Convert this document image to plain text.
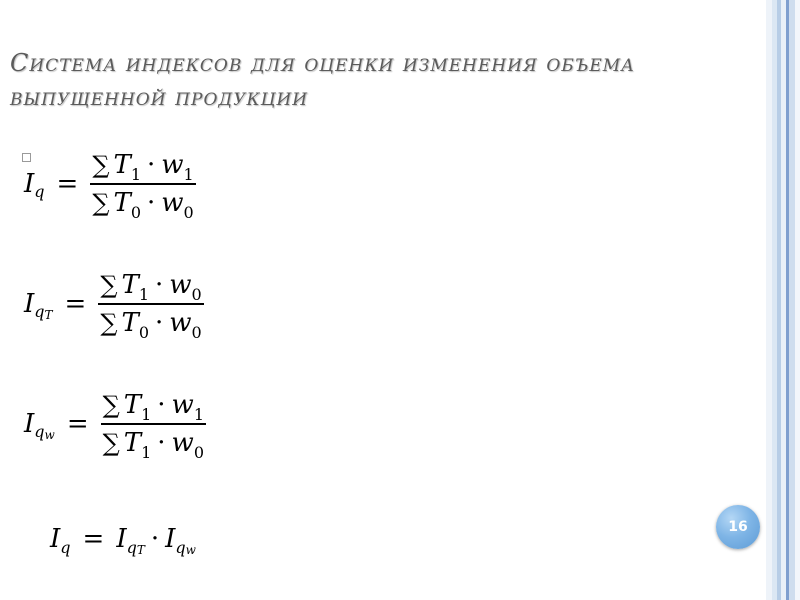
Система индексов для оценки изменения объема выпущенной продукции
I $q = \frac{\sum T 1 \cdot w 1}{\sum T 0 \cdot w 0}$
I q $T = \frac{\sum T 1 \cdot w 0}{\sum T 0 \cdot w 0}$
I q $w = \frac{\sum T 1 \cdot w 1}{\sum T 1 \cdot w 0}$
I q = I q T · I q w
16
